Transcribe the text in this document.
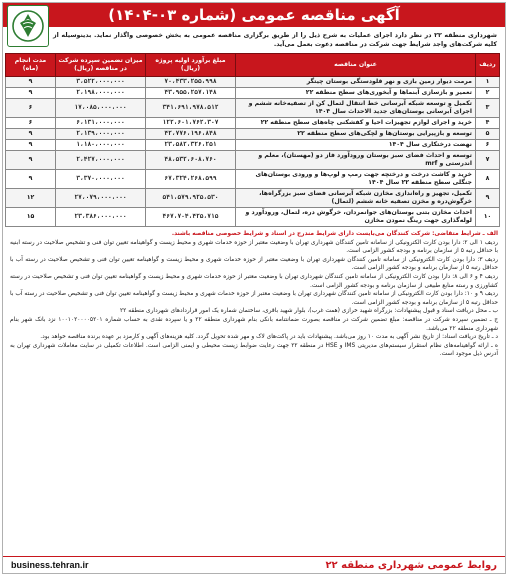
آگهی مناقصه عمومی (شماره ۰۳-۱۴۰۴)
شهرداری منطقه ۲۲ در نظر دارد اجرای عملیات به شرح ذیل را از طریق برگزاری مناقصه عمومی به بخش خصوصی واگذار نماید. بدینوسیله از کلیه شرکت‌های واجد شرایط جهت شرکت در مناقصه دعوت بعمل می‌آید.
ردیف	عنوان مناقصه	مبلغ برآورد اولیه پروژه (ریال)	میزان تضمین سپرده شرکت در مناقصه (ریال)	مدت انجام (ماه)
۱	مرمت دیوار زمین بازی و نهر قلودستگی بوستان چیتگر	۷۰،۴۳۳،۲۵۵،۹۹۸	۳،۵۲۲،۰۰۰،۰۰۰	۹
۲	تعمیر و بازسازی آبنماها و آبخوری‌های سطح منطقه ۲۲	۴۳،۹۵۵،۲۵۷،۱۴۸	۲،۱۹۸،۰۰۰،۰۰۰	۹
۳	تکمیل و توسعه شبکه آبرسانی خط انتقال لتمال کن از تصفیه‌خانه ششم و اجرای آبرسانی بوستان‌های جدید الاحداث سال ۱۴۰۴	۳۴۱،۶۹۱،۹۷۸،۵۱۲	۱۷،۰۸۵،۰۰۰،۰۰۰	۶
۴	خرید و اجرای لوازم تجهیزات احیا و کفشکنی چاه‌های سطح منطقه ۲۲	۱۲۲،۶۰۱،۷۶۲،۳۰۷	۶،۱۳۱،۰۰۰،۰۰۰	۶
۵	توسعه و بازپیرایی بوستان‌ها و لچکی‌های سطح منطقه ۲۲	۴۲،۷۷۶،۱۹۶،۸۴۸	۲،۱۳۹،۰۰۰،۰۰۰	۹
۶	نهضت درختکاری سال ۱۴۰۴	۲۳،۵۸۲،۳۲۶،۲۵۱	۱،۱۸۰،۰۰۰،۰۰۰	۹
۷	توسعه و احداث فضای سبز بوستان ورود‌آورد فاز دو (مهستان)، معلم و اندرستی و mrf	۴۸،۵۳۲،۶۰۸،۷۶۰	۲،۴۲۷،۰۰۰،۰۰۰	۹
۸	خرید و کاشت درخت و درختچه جهت رمپ و لوپ‌ها و ورودی بوستان‌های جنگلی سطح منطقه ۲۲ سال ۱۴۰۴	۶۷،۳۲۴،۲۶۸،۵۹۹	۳،۳۷۰،۰۰۰،۰۰۰	۹
۹	تکمیل، تجهیز و راه‌اندازی مخازن شبکه آبرسانی فضای سبز بزرگراه‌ها، خرگوش‌دره و مخزن تصفیه خانه ششم (لتمال)	۵۴۱،۵۷۹،۹۲۵،۵۳۰	۲۷،۰۷۹،۰۰۰،۰۰۰	۱۲
۱۰	احداث مخازن بتنی بوستان‌های جوانمردان، خرگوش دره، لتمال، ورود‌آورد و لوله‌گذاری جهت رینگ نمودن مخازن	۴۶۷،۷۰۴،۴۲۵،۷۱۵	۲۳،۳۸۶،۰۰۰،۰۰۰	۱۵
الف ـ شرایط متقاضی: شرکت کنندگان می‌بایست دارای شرایط مندرج در اسناد و شرایط خصوصی مناقصه باشند.
ردیف ۱ الی ۲: دارا بودن کارت الکترونیکی از سامانه تامین کنندگان شهرداری تهران با وضعیت معتبر از حوزه خدمات شهری و محیط زیست و گواهینامه تعیین توان فنی و تشخیص صلاحیت در رسته ابنیه با حداقل رتبه ۵ از سازمان برنامه و بودجه کشور الزامی است.
ردیف ۳: دارا بودن کارت الکترونیکی از سامانه تامین کنندگان شهرداری تهران با وضعیت معتبر از حوزه خدمات شهری و محیط زیست و گواهینامه تعیین توان فنی و تشخیص صلاحیت در رسته آب با حداقل رتبه ۵ از سازمان برنامه و بودجه کشور الزامی است.
ردیف ۴ و ۶ الی ۸: دارا بودن کارت الکترونیکی از سامانه تامین کنندگان شهرداری تهران با وضعیت معتبر از حوزه خدمات شهری و محیط زیست و گواهینامه تعیین توان فنی و تشخیص صلاحیت در رسته کشاورزی و رسته منابع طبیعی از سازمان برنامه و بودجه کشور الزامی است.
ردیف ۹ و ۱۰: دارا بودن کارت الکترونیکی از سامانه تامین کنندگان شهرداری تهران با وضعیت معتبر از حوزه خدمات شهری و محیط زیست و گواهینامه تعیین توان فنی و تشخیص صلاحیت در رسته آب با حداقل رتبه ۵ از سازمان برنامه و بودجه کشور الزامی است.
ب ـ محل دریافت اسناد و قبول پیشنهادات: بزرگراه شهید خرازی (همت غرب)، بلوار شهید باقری، ساختمان شماره یک امور قراردادهای شهرداری منطقه ۲۲
ج ـ تضمین سپرده شرکت در مناقصه: مبلغ تضمین شرکت در مناقصه بصورت ضمانتنامه بانکی بنام شهرداری منطقه ۲۲ و یا سپرده نقدی به حساب شماره ۱۰۰۱۰۲۰۰۰۰۵۲۰۱ نزد بانک شهر بنام شهرداری منطقه ۲۲ می‌باشد.
د ـ تاریخ دریافت اسناد: از تاریخ نشر آگهی به مدت ۱۰ روز می‌باشد. پیشنهادات باید در پاکت‌های لاک و مهر شده تحویل گردد. کلیه هزینه‌های آگهی و کارمزد بر عهده برنده مناقصه خواهد بود.
ه ـ ارائه گواهینامه‌های نظام استقرار سیستم‌های مدیریتی IMS و HSE در منطقه ۲۲ جهت رعایت ضوابط زیست محیطی و ایمنی الزامی است. اطلاعات تکمیلی در سایت معاملات شهرداری تهران به آدرس ذیل موجود است.
روابط عمومی شهرداری منطقه ۲۲
business.tehran.ir
